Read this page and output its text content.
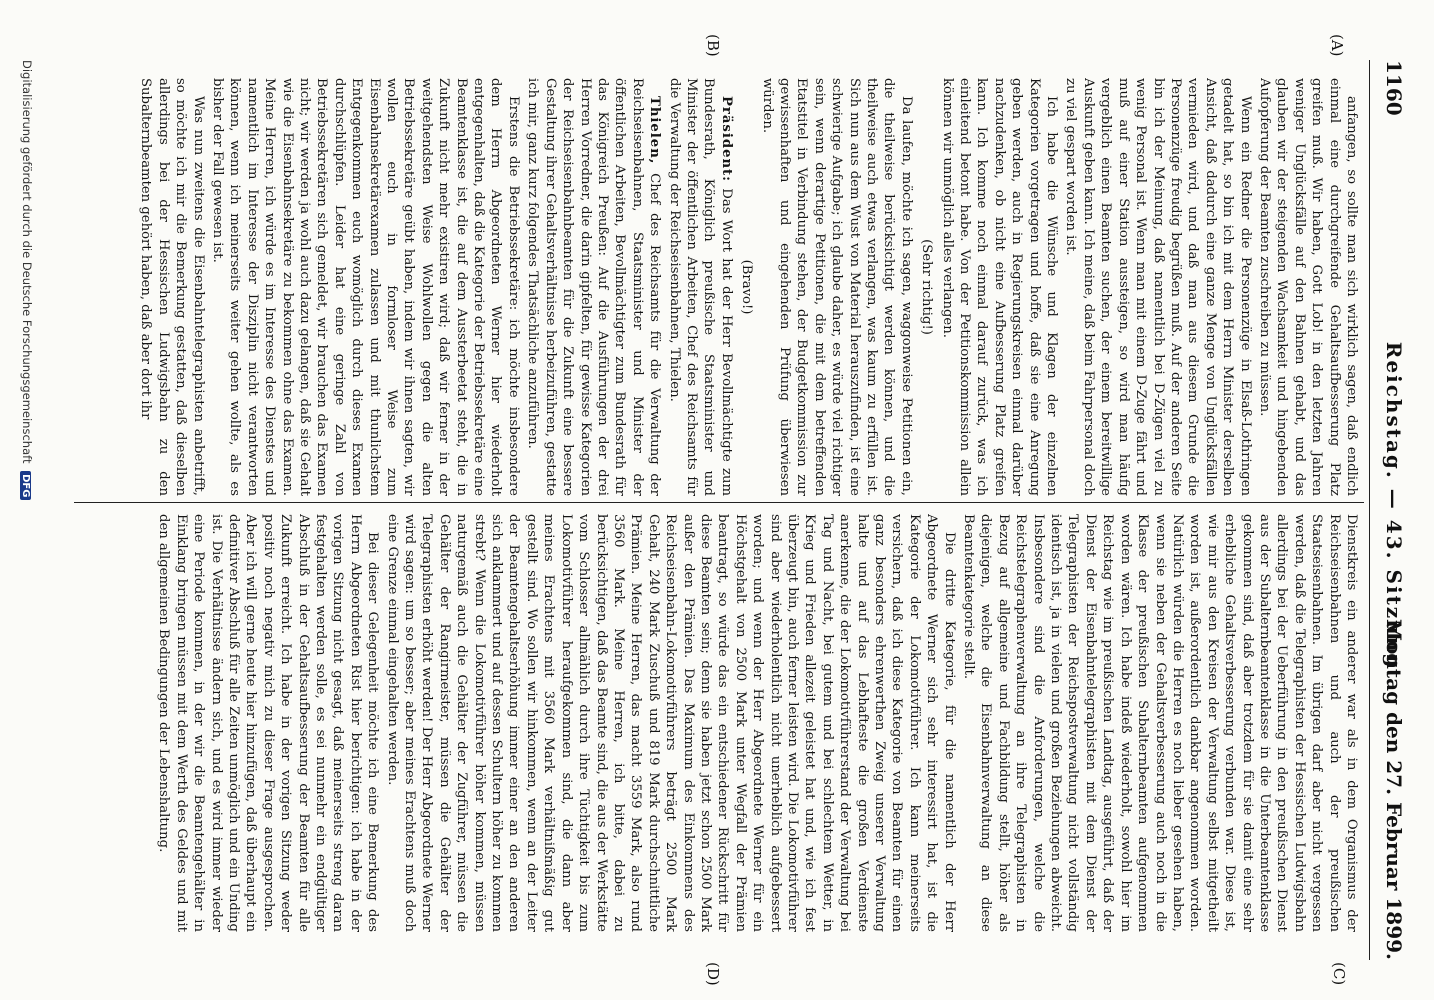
1160
Reichstag. — 43. Sitzung.
Montag den 27. Februar 1899.
(A)
(B)
(C)
(D)

anfangen, so sollte man sich wirklich sagen, daß endlich einmal eine durchgreifende Gehaltsaufbesserung Platz greifen muß. Wir haben, Gott Lob! in den letzten Jahren weniger Unglücksfälle auf den Bahnen gehabt, und das glauben wir der steigenden Wachsamkeit und hingebenden Aufopferung der Beamten zuschreiben zu müssen.

Wenn ein Redner die Personenzüge in Elsaß-Lothringen getadelt hat, so bin ich mit dem Herrn Minister derselben Ansicht, daß dadurch eine ganze Menge von Unglücksfällen vermieden wird, und daß man aus diesem Grunde die Personenzüge freudig begrüßen muß. Auf der anderen Seite bin ich der Meinung, daß namentlich bei D-Zügen viel zu wenig Personal ist. Wenn man mit einem D-Zuge fährt und muß auf einer Station aussteigen, so wird man häufig vergeblich einen Beamten suchen, der einem bereitwillige Auskunft geben kann. Ich meine, daß beim Fahrpersonal doch zu viel gespart worden ist.

Ich habe die Wünsche und Klagen der einzelnen Kategorien vorgetragen und hoffe, daß sie eine Anregung geben werden, auch in Regierungskreisen einmal darüber nachzudenken, ob nicht eine Aufbesserung Platz greifen kann. Ich komme noch einmal darauf zurück, was ich einleitend betont habe. Von der Petitionskommission allein können wir unmöglich alles verlangen.

(Sehr richtig!)

Da laufen, möchte ich sagen, waggonweise Petitionen ein, die theilweise berücksichtigt werden können, und die theilweise auch etwas verlangen, was kaum zu erfüllen ist. Sich nun aus dem Wust von Material herauszufinden, ist eine schwierige Aufgabe; ich glaube daher, es würde viel richtiger sein, wenn derartige Petitionen, die mit dem betreffenden Etatstitel in Verbindung stehen, der Budgetkommission zur gewissenhaften und eingehenden Prüfung überwiesen würden.

(Bravo!)

Präsident: Das Wort hat der Herr Bevollmächtigte zum Bundesrath, Königlich preußische Staatsminister und Minister der öffentlichen Arbeiten, Chef des Reichsamts für die Verwaltung der Reichseisenbahnen, Thielen.

Thielen, Chef des Reichsamts für die Verwaltung der Reichseisenbahnen, Staatsminister und Minister der öffentlichen Arbeiten, Bevollmächtigter zum Bundesrath für das Königreich Preußen: Auf die Ausführungen der drei Herren Vorredner, die darin gipfelten, für gewisse Kategorien der Reichseisenbahnbeamten für die Zukunft eine bessere Gestaltung ihrer Gehaltsverhältnisse herbeizuführen, gestatte ich mir, ganz kurz folgendes Thatsächliche anzuführen.

Erstens die Betriebssekretäre: ich möchte insbesondere dem Herrn Abgeordneten Werner hier wiederholt entgegenhalten, daß die Kategorie der Betriebssekretäre eine Beamtenklasse ist, die auf dem Aussterbeetat steht, die in Zukunft nicht mehr existiren wird; daß wir ferner in der weitgehendsten Weise Wohlwollen gegen die alten Betriebssekretäre geübt haben, indem wir ihnen sagten, wir wollen euch in formloser Weise zum Eisenbahnsekretärexamen zulassen und mit thunlichstem Entgegenkommen euch womöglich durch dieses Examen durchschlüpfen. Leider hat eine geringe Zahl von Betriebssekretären sich gemeldet, wir brauchen das Examen nicht; wir werden ja wohl auch dazu gelangen, daß sie Gehalt wie die Eisenbahnsekretäre zu bekommen ohne das Examen. Meine Herren, ich würde es im Interesse des Dienstes und namentlich im Interesse der Disziplin nicht verantworten können, wenn ich meinerseits weiter gehen wollte, als es bisher der Fall gewesen ist.

Was nun zweitens die Eisenbahntelegraphisten anbetrifft, so möchte ich mir die Bemerkung gestatten, daß dieselben allerdings bei der Hessischen Ludwigsbahn zu den Subalternbeamten gehört haben, daß aber dort ihr

Dienstkreis ein anderer war als in dem Organismus der Reichseisenbahnen und auch der preußischen Staatseisenbahnen. Im übrigen darf aber nicht vergessen werden, daß die Telegraphisten der Hessischen Ludwigsbahn allerdings bei der Ueberführung in den preußischen Dienst aus der Subalternbeamtenklasse in die Unterbeamtenklasse gekommen sind, daß aber trotzdem für sie damit eine sehr erhebliche Gehaltsverbesserung verbunden war. Diese ist, wie mir aus den Kreisen der Verwaltung selbst mitgetheilt worden ist, außerordentlich dankbar angenommen worden. Natürlich würden die Herren es noch lieber gesehen haben, wenn sie neben der Gehaltsverbesserung auch noch in die Klasse der preußischen Subalternbeamten aufgenommen worden wären. Ich habe indeß wiederholt, sowohl hier im Reichstag wie im preußischen Landtag, ausgeführt, daß der Dienst der Eisenbahntelegraphisten mit dem Dienst der Telegraphisten der Reichspostverwaltung nicht vollständig identisch ist, ja in vielen und großen Beziehungen abweicht. Insbesondere sind die Anforderungen, welche die Reichstelegraphenverwaltung an ihre Telegraphisten in Bezug auf allgemeine und Fachbildung stellt, höher als diejenigen, welche die Eisenbahnverwaltung an diese Beamtenkategorie stellt.

Die dritte Kategorie, für die namentlich der Herr Abgeordnete Werner sich sehr interessirt hat, ist die Kategorie der Lokomotivführer. Ich kann meinerseits versichern, daß ich diese Kategorie von Beamten für einen ganz besonders ehrenwerthen Zweig unserer Verwaltung halte und auf das Lebhafteste die großen Verdienste anerkenne, die der Lokomotivführerstand der Verwaltung bei Tag und Nacht, bei gutem und bei schlechtem Wetter, in Krieg und Frieden allezeit geleistet hat und, wie ich fest überzeugt bin, auch ferner leisten wird. Die Lokomotivführer sind aber wiederholentlich nicht unerheblich aufgebessert worden; und wenn der Herr Abgeordnete Werner für ein Höchstgehalt von 2500 Mark unter Wegfall der Prämien beantragt, so würde das ein entschiedener Rückschritt für diese Beamten sein; denn sie haben jetzt schon 2500 Mark außer den Prämien. Das Maximum des Einkommens des Reichseisenbahn-Lokomotivführers beträgt 2500 Mark Gehalt, 240 Mark Zuschuß und 819 Mark durchschnittliche Prämien. Meine Herren, das macht 3559 Mark, also rund 3560 Mark. Meine Herren, ich bitte, dabei zu berücksichtigen, daß das Beamte sind, die aus der Werkstätte vom Schlosser allmählich durch ihre Tüchtigkeit bis zum Lokomotivführer heraufgekommen sind, die dann aber meines Erachtens mit 3560 Mark verhältnißmäßig gut gestellt sind. Wo sollen wir hinkommen, wenn an der Leiter der Beamtengehaltserhöhung immer einer an den anderen sich anklammert und auf dessen Schultern höher zu kommen strebt? Wenn die Lokomotivführer höher kommen, müssen naturgemäß auch die Gehälter der Zugführer, müssen die Gehälter der Rangirmeister, müssen die Gehälter der Telegraphisten erhöht werden! Der Herr Abgeordnete Werner wird sagen: um so besser; aber meines Erachtens muß doch eine Grenze einmal eingehalten werden.

Bei dieser Gelegenheit möchte ich eine Bemerkung des Herrn Abgeordneten Rist hier berichtigen: ich habe in der vorigen Sitzung nicht gesagt, daß meinerseits streng daran festgehalten werden solle, es sei nunmehr ein endgültiger Abschluß in der Gehaltsaufbesserung der Beamten für alle Zukunft erreicht. Ich habe in der vorigen Sitzung weder positiv noch negativ mich zu dieser Frage ausgesprochen. Aber ich will gerne heute hier hinzufügen, daß überhaupt ein definitiver Abschluß für alle Zeiten unmöglich und ein Unding ist. Die Verhältnisse ändern sich, und es wird immer wieder eine Periode kommen, in der wir die Beamtengehälter in Einklang bringen müssen mit dem Werth des Geldes und mit den allgemeinen Bedingungen der Lebenshaltung.

Digitalisierung gefördert durch die Deutsche Forschungsgemeinschaft DFG
